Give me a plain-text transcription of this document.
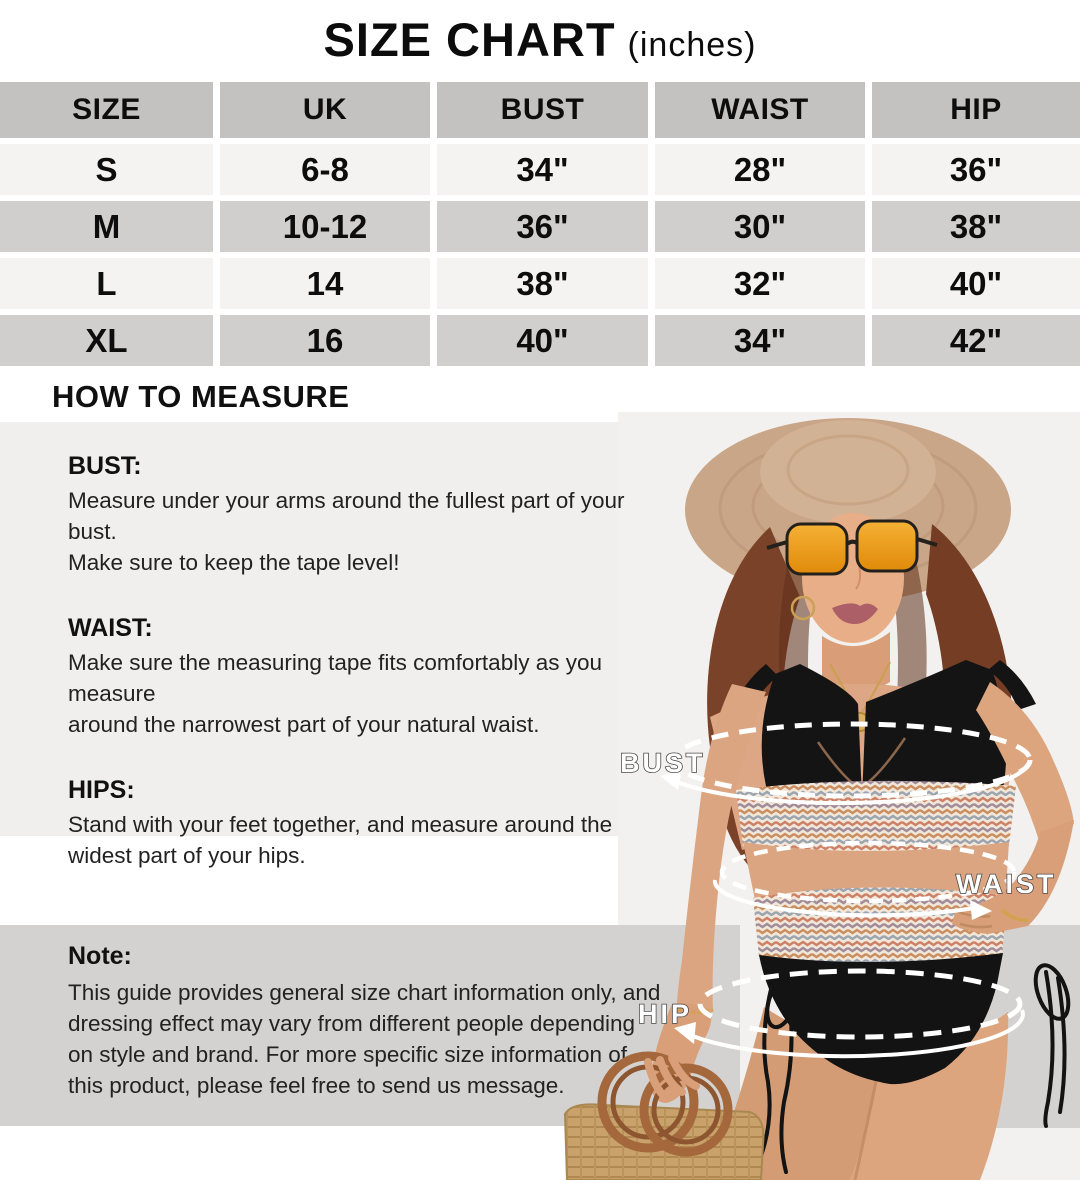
SIZE CHART (inches)
SIZE	UK	BUST	WAIST	HIP
S	6-8	34"	28"	36"
M	10-12	36"	30"	38"
L	14	38"	32"	40"
XL	16	40"	34"	42"
HOW TO MEASURE
BUST:
Measure under your arms around the fullest part of your bust.
Make sure to keep the tape level!
WAIST:
Make sure the measuring tape fits comfortably as you measure
around the narrowest part of your natural waist.
HIPS:
Stand with your feet together, and measure around the
widest part of your hips.
Note:
This guide provides general size chart information only, and
dressing effect may vary from different people depending
on style and brand. For more specific size information of
this product, please feel free to send us message.
BUST
WAIST
HIP
